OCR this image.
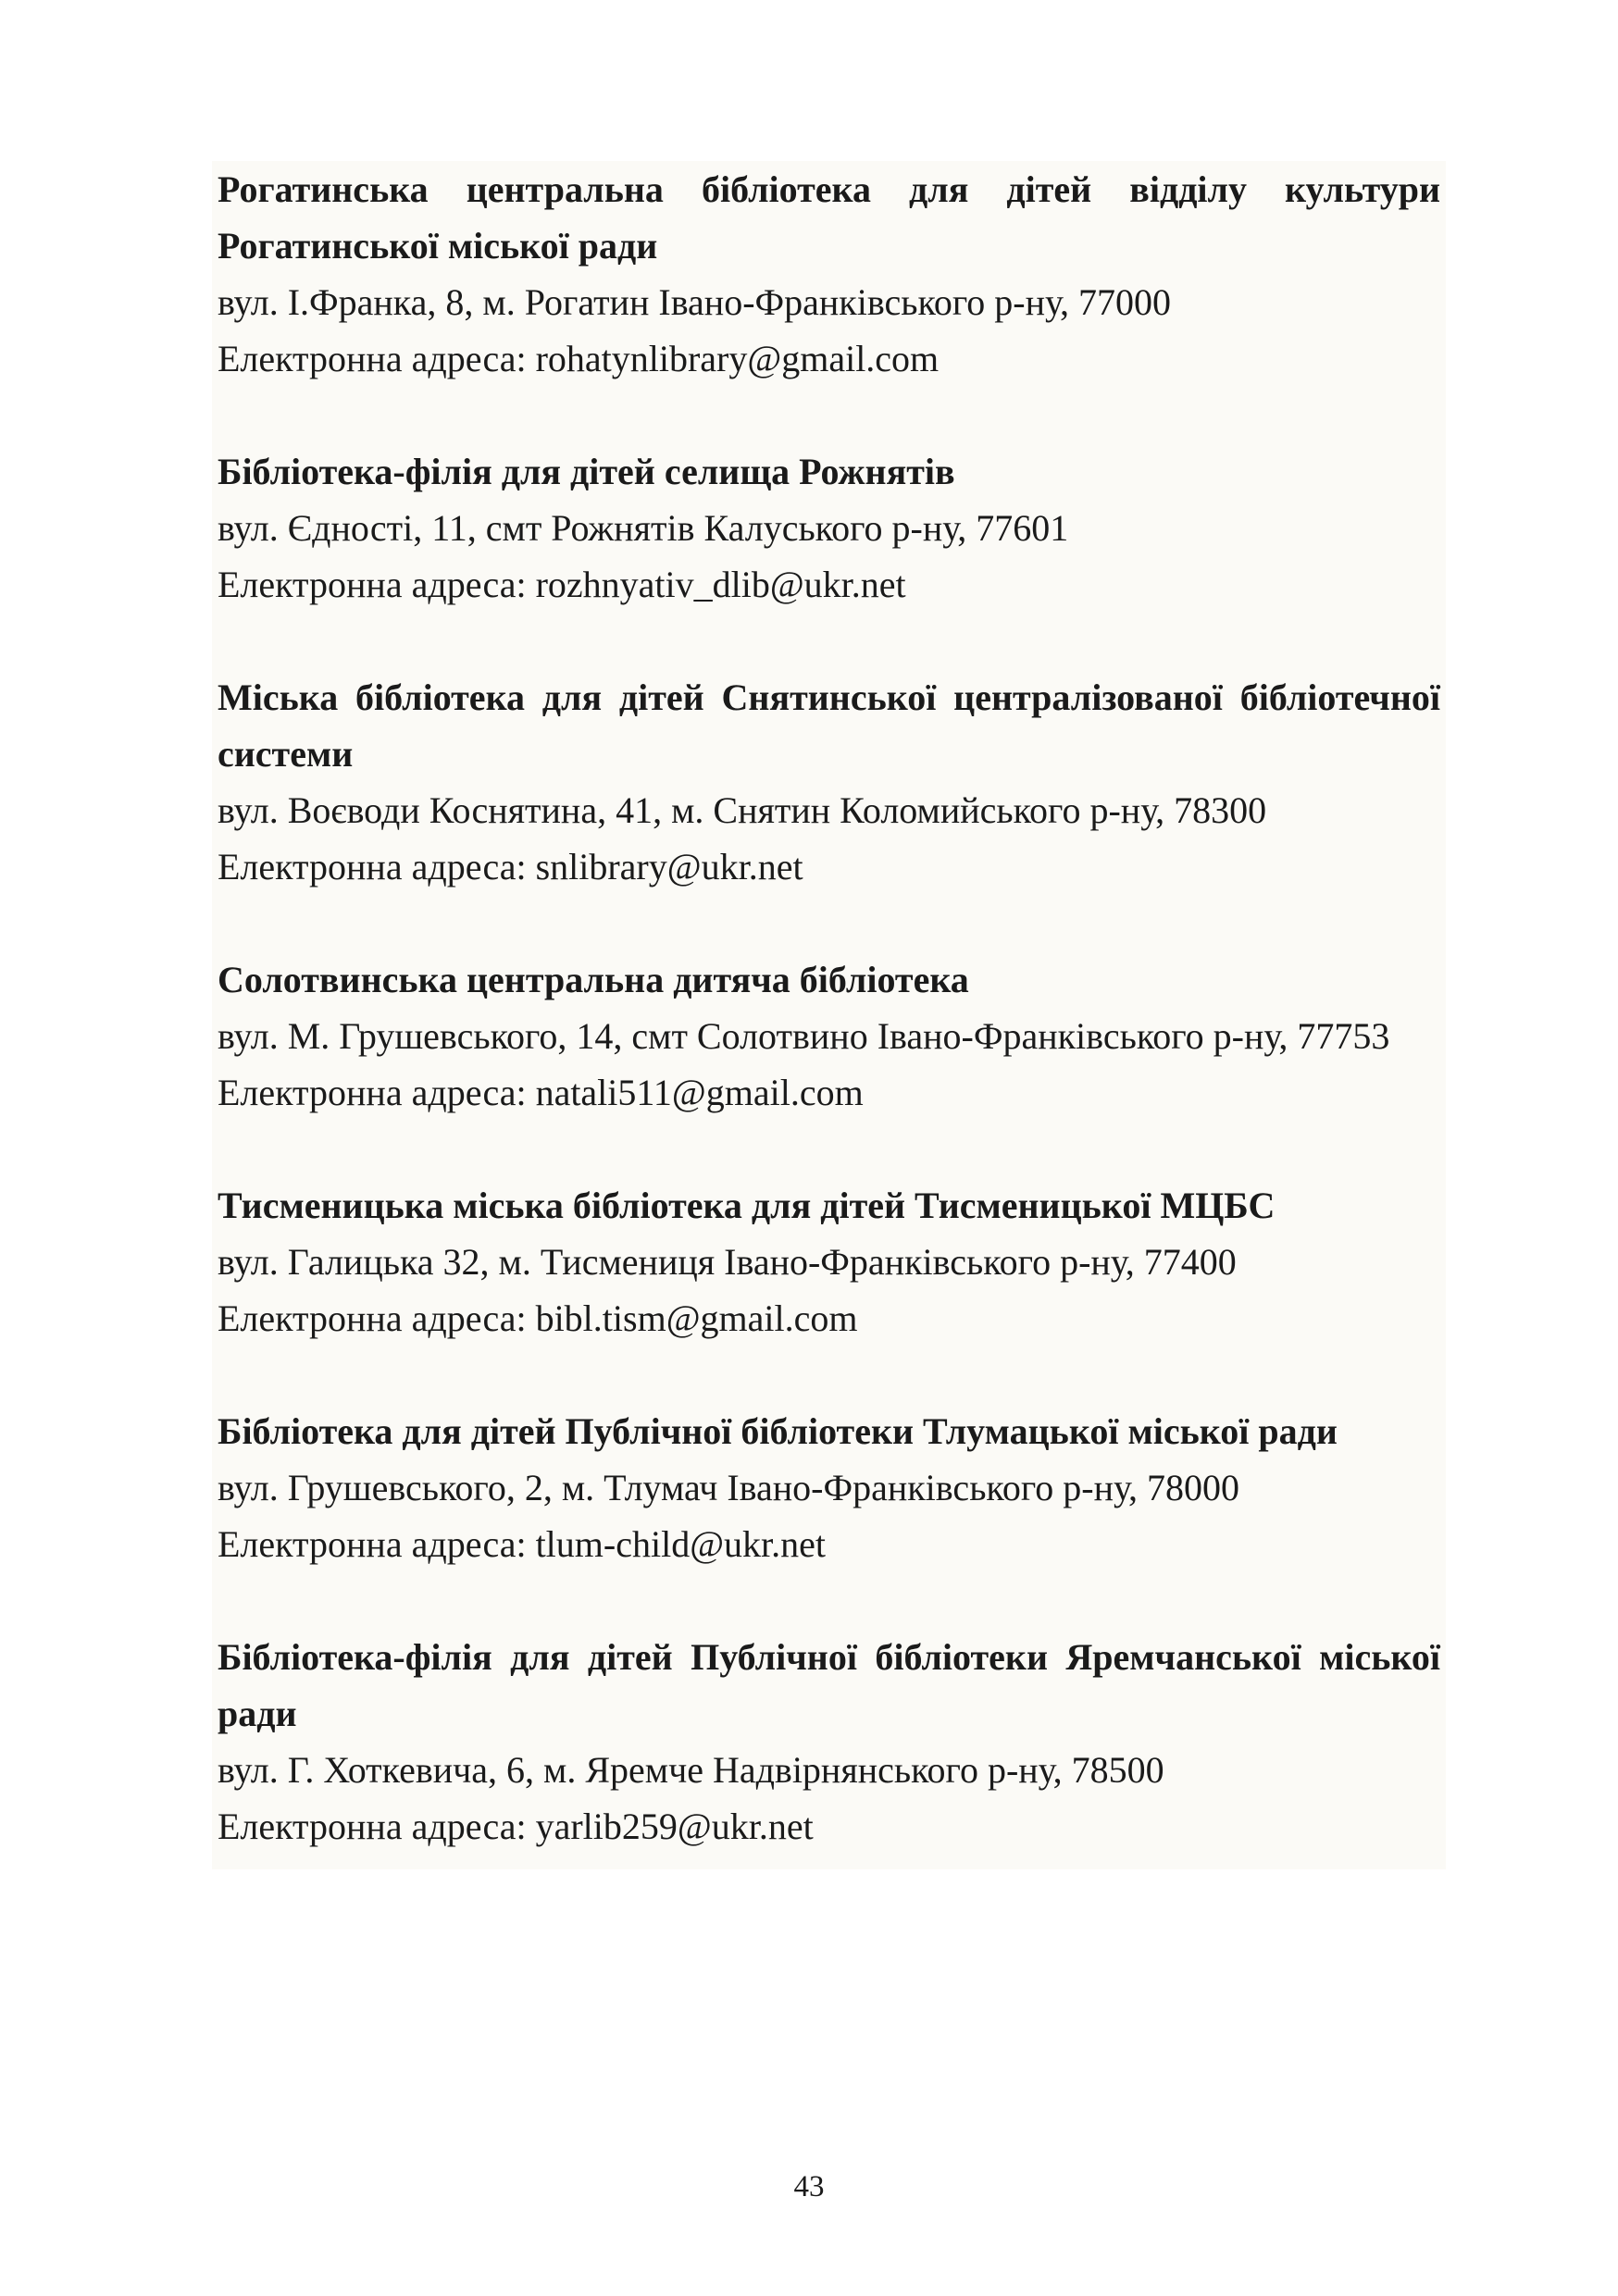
Рогатинська центральна бібліотека для дітей відділу культури Рогатинської міської ради

вул. І.Франка, 8, м. Рогатин Івано-Франківського р-ну, 77000

Електронна адреса: rohatynlibrary@gmail.com

Бібліотека-філія для дітей селища Рожнятів

вул. Єдності, 11, смт Рожнятів Калуського р-ну, 77601

Електронна адреса: rozhnyativ_dlib@ukr.net

Міська бібліотека для дітей Снятинської централізованої бібліотечної системи

вул. Воєводи Коснятина, 41, м. Снятин Коломийського р-ну, 78300

Електронна адреса: snlibrary@ukr.net

Солотвинська центральна дитяча бібліотека

вул. М. Грушевського, 14, смт Солотвино Івано-Франківського р-ну, 77753

Електронна адреса: natali511@gmail.com

Тисменицька міська бібліотека для дітей Тисменицької МЦБС

вул. Галицька 32, м. Тисмениця Івано-Франківського р-ну, 77400

Електронна адреса: bibl.tism@gmail.com

Бібліотека для дітей Публічної бібліотеки Тлумацької міської ради

вул. Грушевського, 2, м. Тлумач Івано-Франківського р-ну, 78000

Електронна адреса: tlum-child@ukr.net

Бібліотека-філія для дітей Публічної бібліотеки Яремчанської міської ради

вул. Г. Хоткевича, 6, м. Яремче Надвірнянського р-ну, 78500

Електронна адреса: yarlib259@ukr.net

43
